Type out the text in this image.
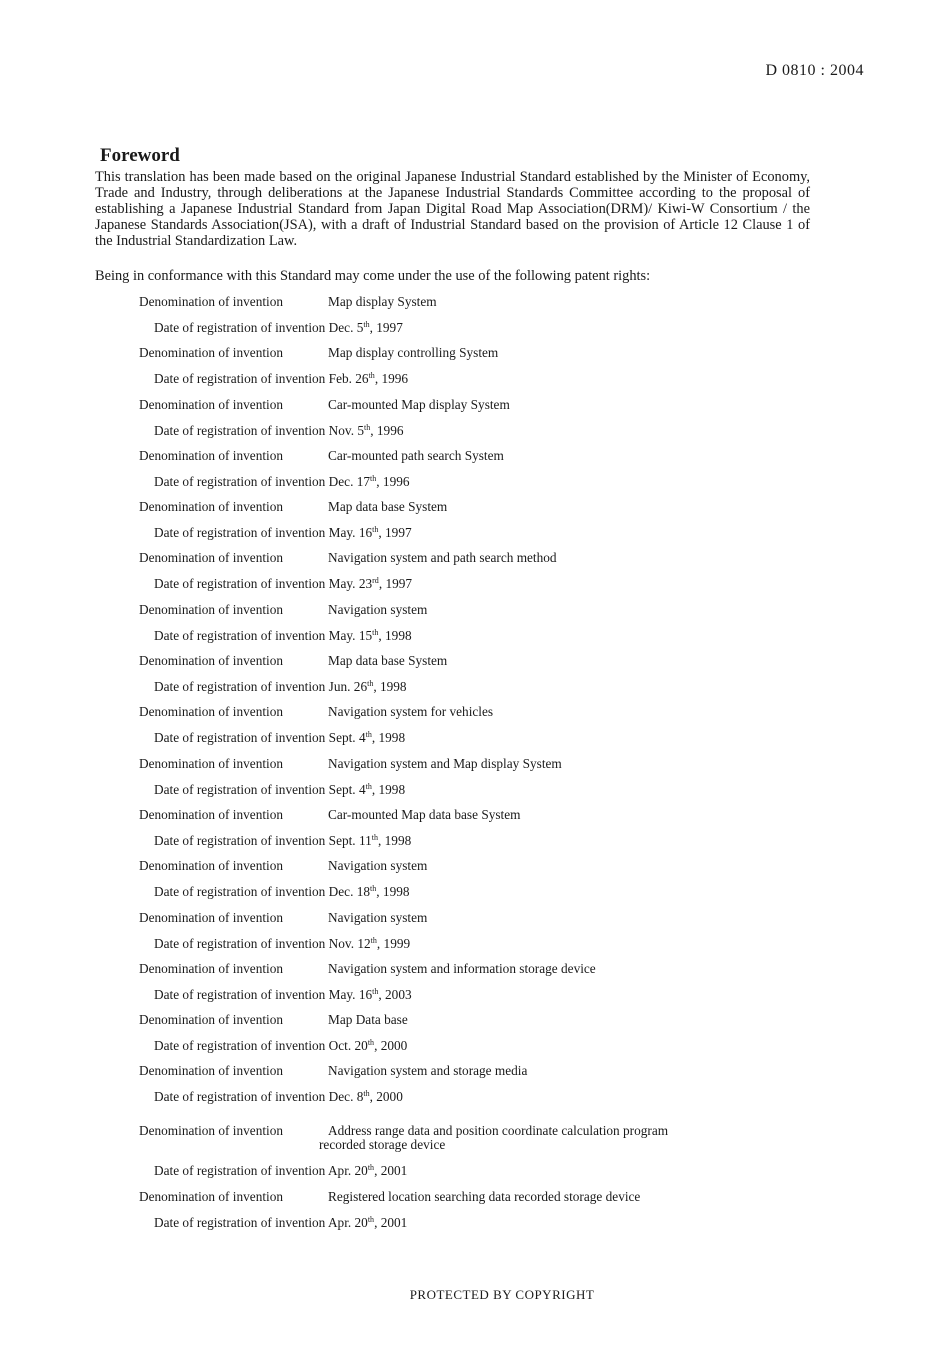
D 0810 : 2004
Foreword

This translation has been made based on the original Japanese Industrial Standard established by the Minister of Economy, Trade and Industry, through deliberations at the Japanese Industrial Standards Committee according to the proposal of establishing a Japanese Industrial Standard from Japan Digital Road Map Association(DRM)/ Kiwi-W Consortium / the Japanese Standards Association(JSA), with a draft of Industrial Standard based on the provision of Article 12 Clause 1 of the Industrial Standardization Law.

Being in conformance with this Standard may come under the use of the following patent rights:

Denomination of invention	Map display System
Date of registration of invention Dec. 5th, 1997
Denomination of invention	Map display controlling System
Date of registration of invention Feb. 26th, 1996
Denomination of invention	Car-mounted Map display System
Date of registration of invention Nov. 5th, 1996
Denomination of invention	Car-mounted path search System
Date of registration of invention Dec. 17th, 1996
Denomination of invention	Map data base System
Date of registration of invention May. 16th, 1997
Denomination of invention	Navigation system and path search method
Date of registration of invention May. 23rd, 1997
Denomination of invention	Navigation system
Date of registration of invention May. 15th, 1998
Denomination of invention	Map data base System
Date of registration of invention Jun. 26th, 1998
Denomination of invention	Navigation system for vehicles
Date of registration of invention Sept. 4th, 1998
Denomination of invention	Navigation system and Map display System
Date of registration of invention Sept. 4th, 1998
Denomination of invention	Car-mounted Map data base System
Date of registration of invention Sept. 11th, 1998
Denomination of invention	Navigation system
Date of registration of invention Dec. 18th, 1998
Denomination of invention	Navigation system
Date of registration of invention Nov. 12th, 1999
Denomination of invention	Navigation system and information storage device
Date of registration of invention May. 16th, 2003
Denomination of invention	Map Data base
Date of registration of invention Oct. 20th, 2000
Denomination of invention	Navigation system and storage media
Date of registration of invention Dec. 8th, 2000
Denomination of invention	Address range data and position coordinate calculation program
recorded storage device
Date of registration of invention Apr. 20th, 2001
Denomination of invention	Registered location searching data recorded storage device
Date of registration of invention Apr. 20th, 2001
PROTECTED BY COPYRIGHT
